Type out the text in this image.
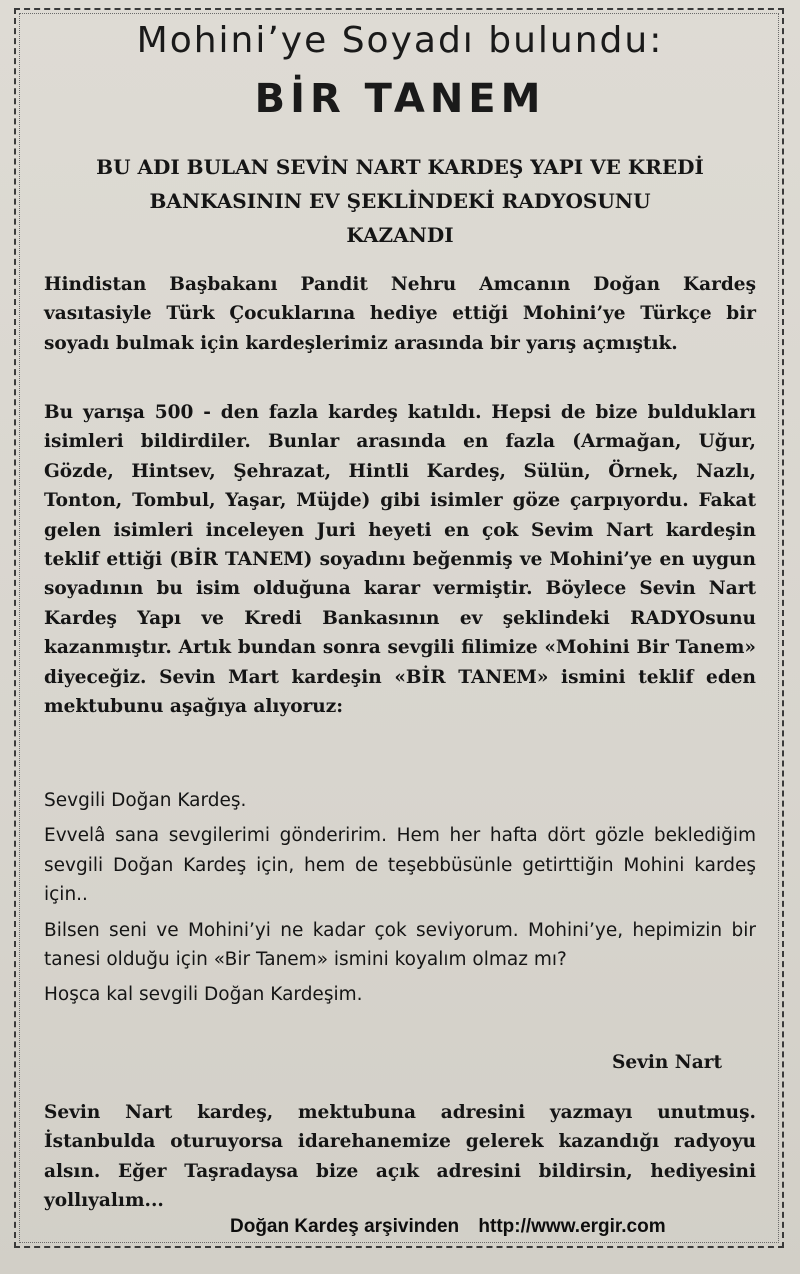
Mohini’ye Soyadı bulundu:
BİR TANEM
BU ADI BULAN SEVİN NART KARDEŞ YAPI VE KREDİ
BANKASININ EV ŞEKLİNDEKİ RADYOSUNU
KAZANDI

Hindistan Başbakanı Pandit Nehru Amcanın Doğan Kardeş vasıtasiyle Türk Çocuklarına hediye ettiği Mohini’ye Türkçe bir soyadı bulmak için kardeşlerimiz arasında bir yarış açmıştık.

Bu yarışa 500 - den fazla kardeş katıldı. Hepsi de bize buldukları isimleri bildirdiler. Bunlar arasında en fazla (Armağan, Uğur, Gözde, Hintsev, Şehrazat, Hintli Kardeş, Sülün, Örnek, Nazlı, Tonton, Tombul, Yaşar, Müjde) gibi isimler göze çarpıyordu. Fakat gelen isimleri inceleyen Juri heyeti en çok Sevim Nart kardeşin teklif ettiği (BİR TANEM) soyadını beğenmiş ve Mohini’ye en uygun soyadının bu isim olduğuna karar vermiştir. Böylece Sevin Nart Kardeş Yapı ve Kredi Bankasının ev şeklindeki RADYOsunu kazanmıştır. Artık bundan sonra sevgili filimize «Mohini Bir Tanem» diyeceğiz. Sevin Mart kardeşin «BİR TANEM» ismini teklif eden mektubunu aşağıya alıyoruz:

Sevgili Doğan Kardeş.

Evvelâ sana sevgilerimi gönderirim. Hem her hafta dört gözle beklediğim sevgili Doğan Kardeş için, hem de teşebbüsünle getirttiğin Mohini kardeş için..

Bilsen seni ve Mohini’yi ne kadar çok seviyorum. Mohini’ye, hepimizin bir tanesi olduğu için «Bir Tanem» ismini koyalım olmaz mı?

Hoşca kal sevgili Doğan Kardeşim.

Sevin Nart

Sevin Nart kardeş, mektubuna adresini yazmayı unutmuş. İstanbulda oturuyorsa idarehanemize gelerek kazandığı radyoyu alsın. Eğer Taşradaysa bize açık adresini bildirsin, hediyesini yollıyalım...

Doğan Kardeş arşivinden http://www.ergir.com
